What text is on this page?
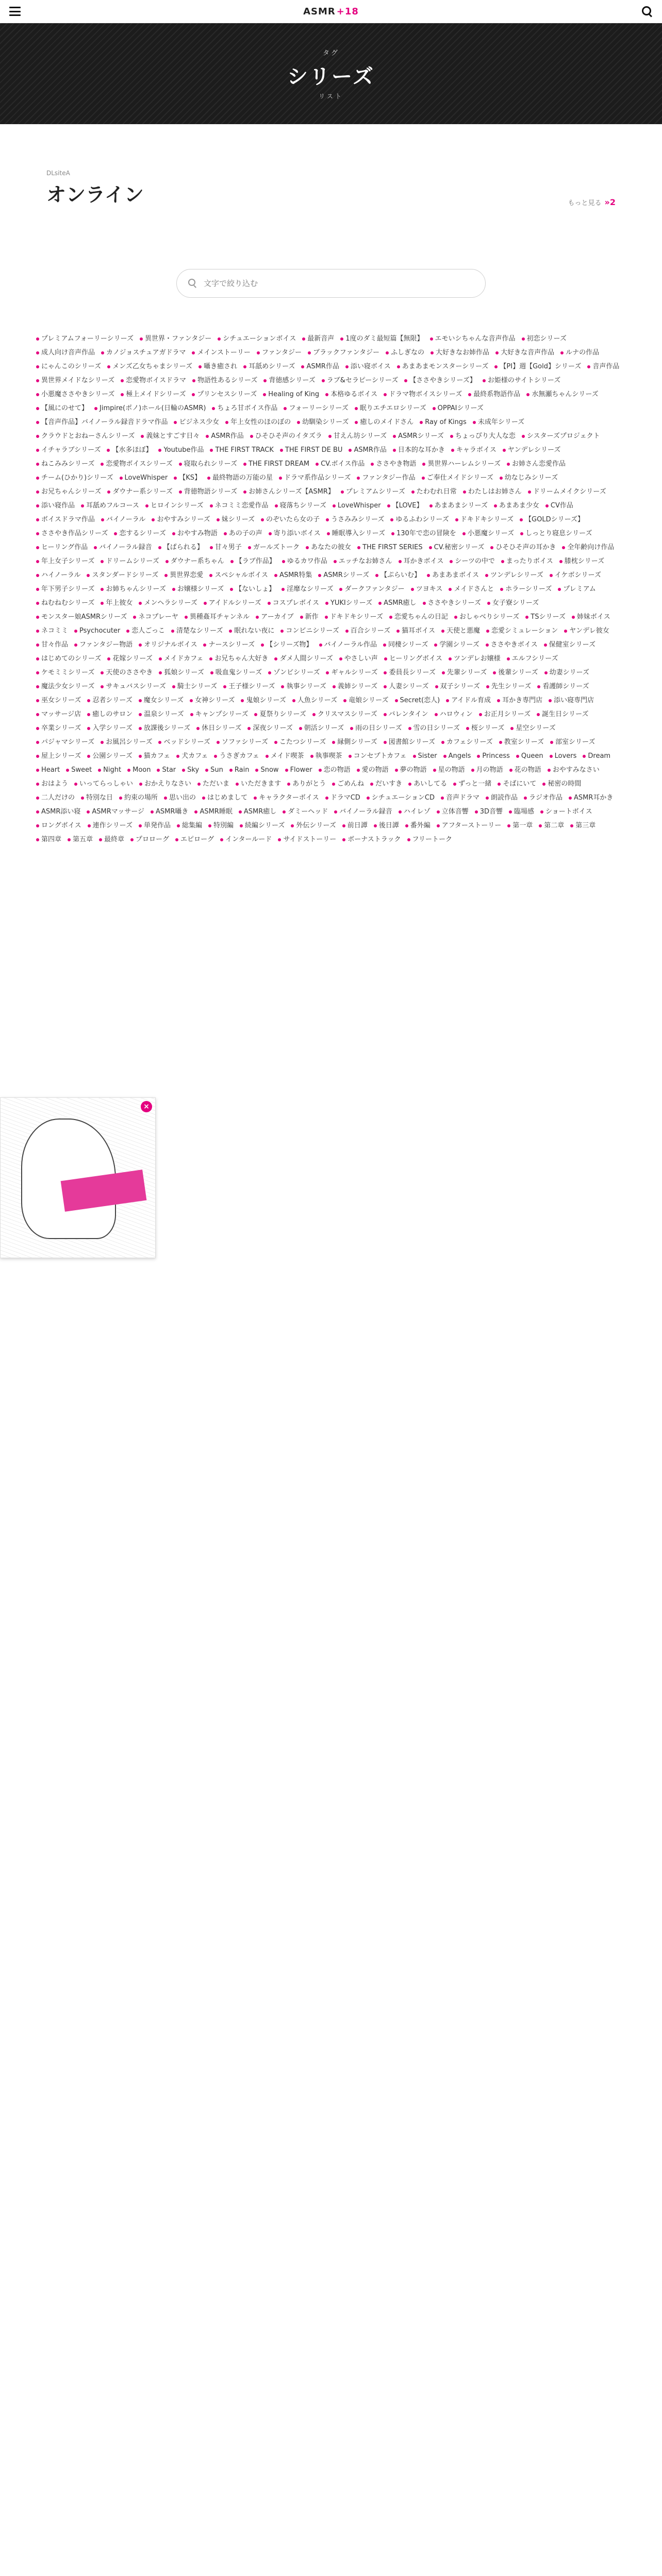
ASMR +18
タグ
シリーズ
リスト
DLsiteA
オンライン	もっと見る »2
文字で絞り込む
プレミアムフォーリーシリーズ 異世界・ファンタジー シチュエーションボイス 最新音声 1度のダミ最短篇【無限】 エモいシちゃんな音声作品 初恋シリーズ成人向け音声作品 カノジョスチュアガドラマ メインストーリー ファンタジー ブラックファンタジー ふしぎなの 大好きなお姉作品 大好きな音声作品 ルナの作品にゃんこのシリーズ メンズ乙女ちゃまシリーズ 囁き癒され 耳舐めシリーズ ASMR作品 添い寝ボイス あまあまモンスターシリーズ 【PI】週【Gold】シリーズ 音声作品異世界メイドなシリーズ 恋愛物ボイスドラマ 物語性あるシリーズ 背徳感シリーズ ラブ&セラピーシリーズ 【ささやきシリーズ】 お姫様のサイトシリーズ小悪魔ささやきシリーズ 極上メイドシリーズ プリンセスシリーズ Healing of King 本格ゆるボイス ドラマ物ボイスシリーズ 最終系物語作品 水無瀬ちゃんシリーズ【風にのせて】 Jimpire(ポノ)ホール(日輪のASMR) ちょろ甘ボイス作品 フォーリーシリーズ 眠りエチエロシリーズ OPPAIシリーズ【音声作品】バイノーラル録音ドラマ作品 ビジネス少女 年上女性のほのぼの 幼馴染シリーズ 癒しのメイドさん Ray of Kings 未成年シリーズクラウドとおねーさんシリーズ 義妹とすごす日々 ASMR作品 ひそひそ声のイタズラ 甘えん坊シリーズ ASMRシリーズ ちょっぴり大人な恋 シスターズプロジェクトイチャラブシリーズ 【水多ほぼ】 Youtube作品 THE FIRST TRACK THE FIRST DE BU ASMR作品 日本的な耳かき キャラボイス ヤンデレシリーズねこみみシリーズ 恋愛物ボイスシリーズ 寝取られシリーズ THE FIRST DREAM CV.ボイス作品 ささやき物語 異世界ハーレムシリーズ お姉さん恋愛作品チーム(ひかり)シリーズ LoveWhisper 【KS】 最終物語の万能の星 ドラマ系作品シリーズ ファンタジー作品 ご奉仕メイドシリーズ 幼なじみシリーズお兄ちゃんシリーズ ダウナー系シリーズ 背徳物語シリーズ お姉さんシリーズ【ASMR】 プレミアムシリーズ たわむれ日常 わたしはお姉さん ドリームメイクシリーズ添い寝作品 耳舐めフルコース ヒロインシリーズ ネコミミ恋愛作品 寝落ちシリーズ LoveWhisper 【LOVE】 あまあまシリーズ あまあま少女 CV作品ボイスドラマ作品 バイノーラル おやすみシリーズ 妹シリーズ のぞいたら女の子 うさみみシリーズ ゆるふわシリーズ ドキドキシリーズ 【GOLDシリーズ】ささやき作品シリーズ 恋するシリーズ おやすみ物語 あの子の声 寄り添いボイス 睡眠導入シリーズ 130年で恋の冒険を 小悪魔シリーズ しっとり寝息シリーズヒーリング作品 バイノーラル録音 【ぱられる】 甘々男子 ガールズトーク あなたの彼女 THE FIRST SERIES CV.秘密シリーズ ひそひそ声の耳かき 全年齢向け作品年上女子シリーズ ドリームシリーズ ダウナー系ちゃん 【ラブ作品】 ゆるカワ作品 エッチなお姉さん 耳かきボイス シーツの中で まったりボイス 膝枕シリーズハイノーラル スタンダードシリーズ 異世界恋愛 スペシャルボイス ASMR特集 ASMRシリーズ 【ぷらいむ】 あまあまボイス ツンデレシリーズ イケボシリーズ年下男子シリーズ お姉ちゃんシリーズ お嬢様シリーズ 【ないしょ】 淫靡なシリーズ ダークファンタジー ツヨキス メイドさんと ホラーシリーズ プレミアムねむねむシリーズ 年上彼女 メンヘラシリーズ アイドルシリーズ コスプレボイス YUKIシリーズ ASMR癒し ささやきシリーズ 女子寮シリーズモンスター娘ASMRシリーズ ネコプレーヤ 異種姦耳チャンネル アーカイブ 新作 ドキドキシリーズ 恋愛ちゃんの日記 おしゃべりシリーズ TSシリーズ 姉妹ボイスネコミミ Psychocuter 恋人ごっこ 清楚なシリーズ 眠れない夜に コンビニシリーズ 百合シリーズ 猫耳ボイス 天使と悪魔 恋愛シミュレーション ヤンデレ彼女甘々作品 ファンタジー物語 オリジナルボイス ナースシリーズ 【シリーズ物】 バイノーラル作品 同棲シリーズ 学園シリーズ ささやきボイス 保健室シリーズはじめてのシリーズ 花嫁シリーズ メイドカフェ お兄ちゃん大好き ダメ人間シリーズ やさしい声 ヒーリングボイス ツンデレお嬢様 エルフシリーズケモミミシリーズ 天使のささやき 狐娘シリーズ 吸血鬼シリーズ ゾンビシリーズ ギャルシリーズ 委員長シリーズ 先輩シリーズ 後輩シリーズ 幼妻シリーズ魔法少女シリーズ サキュバスシリーズ 騎士シリーズ 王子様シリーズ 執事シリーズ 義姉シリーズ 人妻シリーズ 双子シリーズ 先生シリーズ 看護師シリーズ巫女シリーズ 忍者シリーズ 魔女シリーズ 女神シリーズ 鬼娘シリーズ 人魚シリーズ 竜娘シリーズ Secret(恋人) アイドル育成 耳かき専門店 添い寝専門店マッサージ店 癒しのサロン 温泉シリーズ キャンプシリーズ 夏祭りシリーズ クリスマスシリーズ バレンタイン ハロウィン お正月シリーズ 誕生日シリーズ卒業シリーズ 入学シリーズ 放課後シリーズ 休日シリーズ 深夜シリーズ 朝活シリーズ 雨の日シリーズ 雪の日シリーズ 桜シリーズ 星空シリーズパジャマシリーズ お風呂シリーズ ベッドシリーズ ソファシリーズ こたつシリーズ 縁側シリーズ 図書館シリーズ カフェシリーズ 教室シリーズ 部室シリーズ屋上シリーズ 公園シリーズ 猫カフェ 犬カフェ うさぎカフェ メイド喫茶 執事喫茶 コンセプトカフェ Sister Angels Princess Queen Lovers DreamHeart Sweet Night Moon Star Sky Sun Rain Snow Flower 恋の物語 愛の物語 夢の物語 星の物語 月の物語 花の物語 おやすみなさいおはよう いってらっしゃい おかえりなさい ただいま いただきます ありがとう ごめんね だいすき あいしてる ずっと一緒 そばにいて 秘密の時間二人だけの 特別な日 約束の場所 思い出の はじめまして キャラクターボイス ドラマCD シチュエーションCD 音声ドラマ 朗読作品 ラジオ作品 ASMR耳かきASMR添い寝 ASMRマッサージ ASMR囁き ASMR睡眠 ASMR癒し ダミーヘッド バイノーラル録音 ハイレゾ 立体音響 3D音響 臨場感 ショートボイスロングボイス 連作シリーズ 単発作品 総集編 特別編 続編シリーズ 外伝シリーズ 前日譚 後日譚 番外編 アフターストーリー 第一章 第二章 第三章第四章 第五章 最終章 プロローグ エピローグ インタールード サイドストーリー ボーナストラック フリートーク
×
